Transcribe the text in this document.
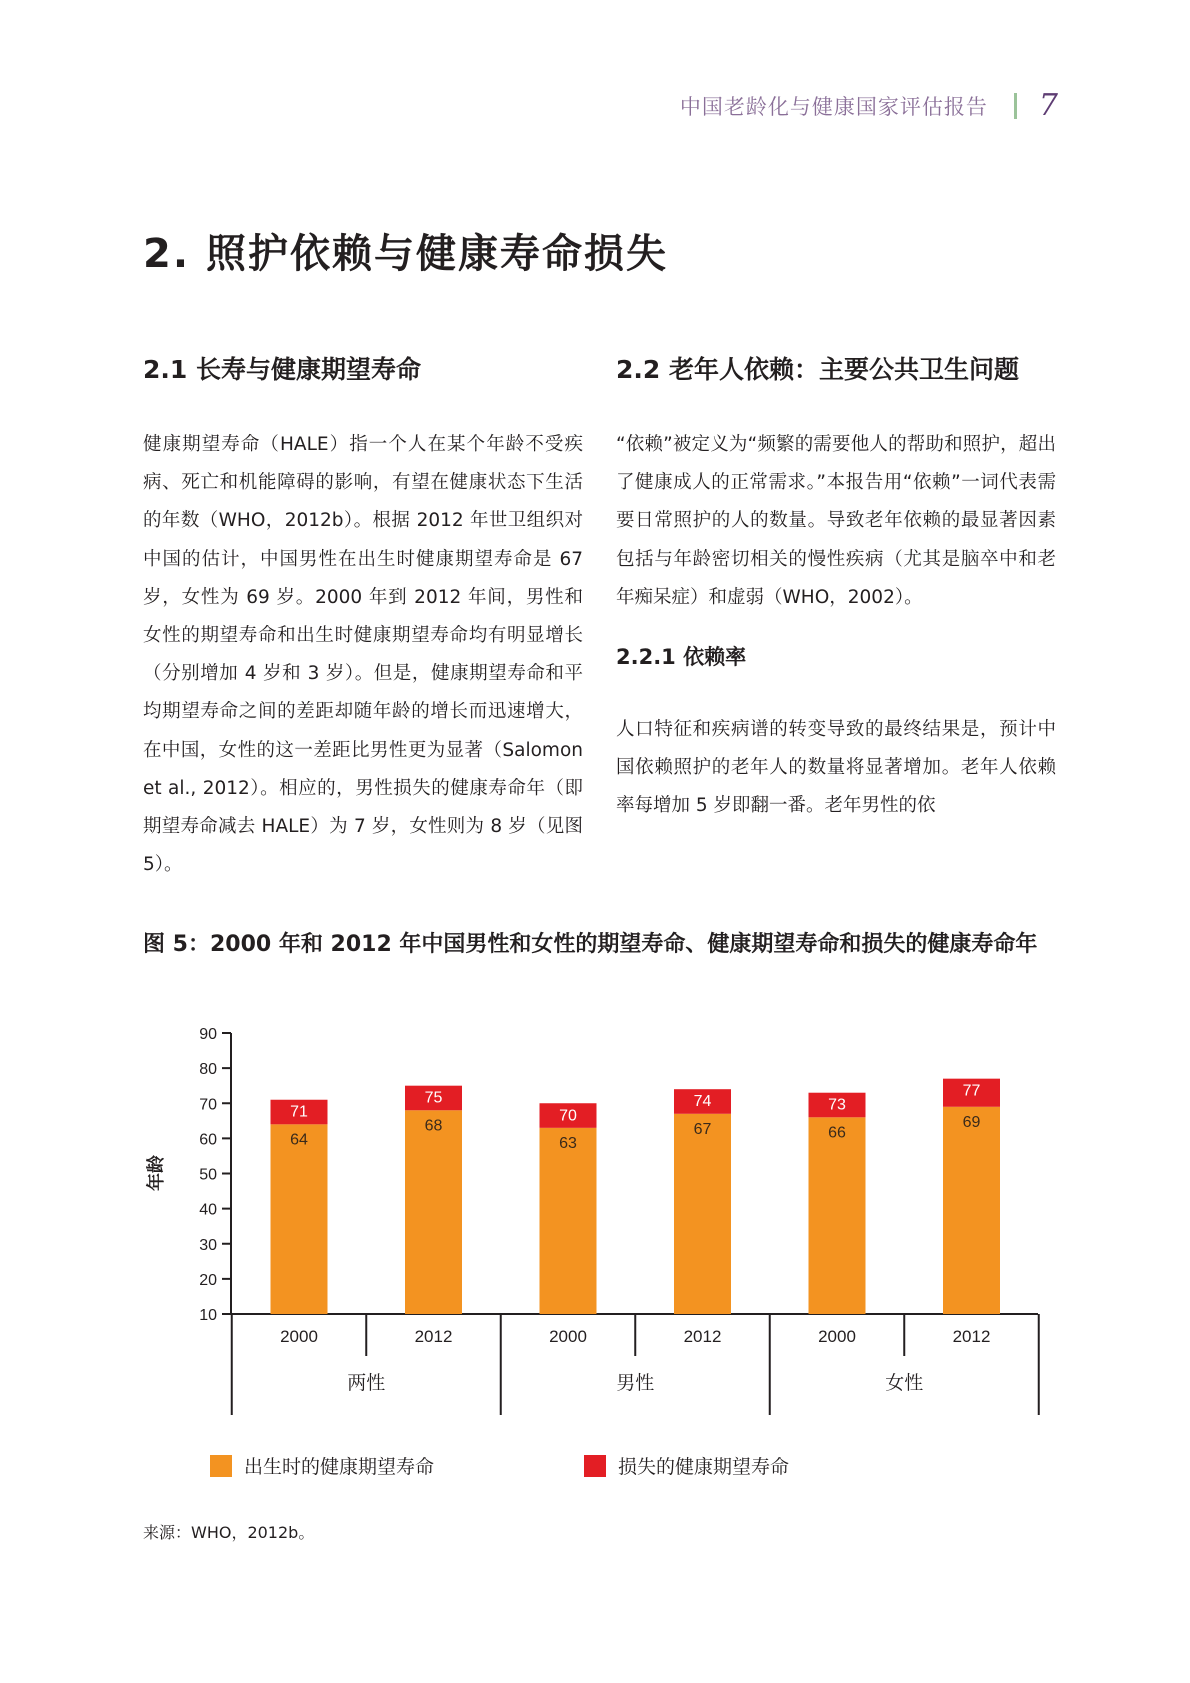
中国老龄化与健康国家评估报告 7
2. 照护依赖与健康寿命损失
2.1 长寿与健康期望寿命

健康期望寿命（HALE）指一个人在某个年龄不受疾病、死亡和机能障碍的影响，有望在健康状态下生活的年数（WHO，2012b）。根据 2012 年世卫组织对中国的估计，中国男性在出生时健康期望寿命是 67 岁，女性为 69 岁。2000 年到 2012 年间，男性和女性的期望寿命和出生时健康期望寿命均有明显增长（分别增加 4 岁和 3 岁）。但是，健康期望寿命和平均期望寿命之间的差距却随年龄的增长而迅速增大，在中国，女性的这一差距比男性更为显著（Salomon et al., 2012）。相应的，男性损失的健康寿命年（即期望寿命减去 HALE）为 7 岁，女性则为 8 岁（见图 5）。

2.2 老年人依赖：主要公共卫生问题

“依赖”被定义为“频繁的需要他人的帮助和照护，超出了健康成人的正常需求。”本报告用“依赖”一词代表需要日常照护的人的数量。导致老年依赖的最显著因素包括与年龄密切相关的慢性疾病（尤其是脑卒中和老年痴呆症）和虚弱（WHO，2002）。

2.2.1 依赖率

人口特征和疾病谱的转变导致的最终结果是，预计中国依赖照护的老年人的数量将显著增加。老年人依赖率每增加 5 岁即翻一番。老年男性的依

图 5：2000 年和 2012 年中国男性和女性的期望寿命、健康期望寿命和损失的健康寿命年

10
20
30
40
50
60
70
80
90
年龄
71
64
2000
75
68
2012
70
63
2000
74
67
2012
73
66
2000
77
69
2012
两性	男性	女性
出生时的健康期望寿命	损失的健康期望寿命
来源：WHO，2012b。
